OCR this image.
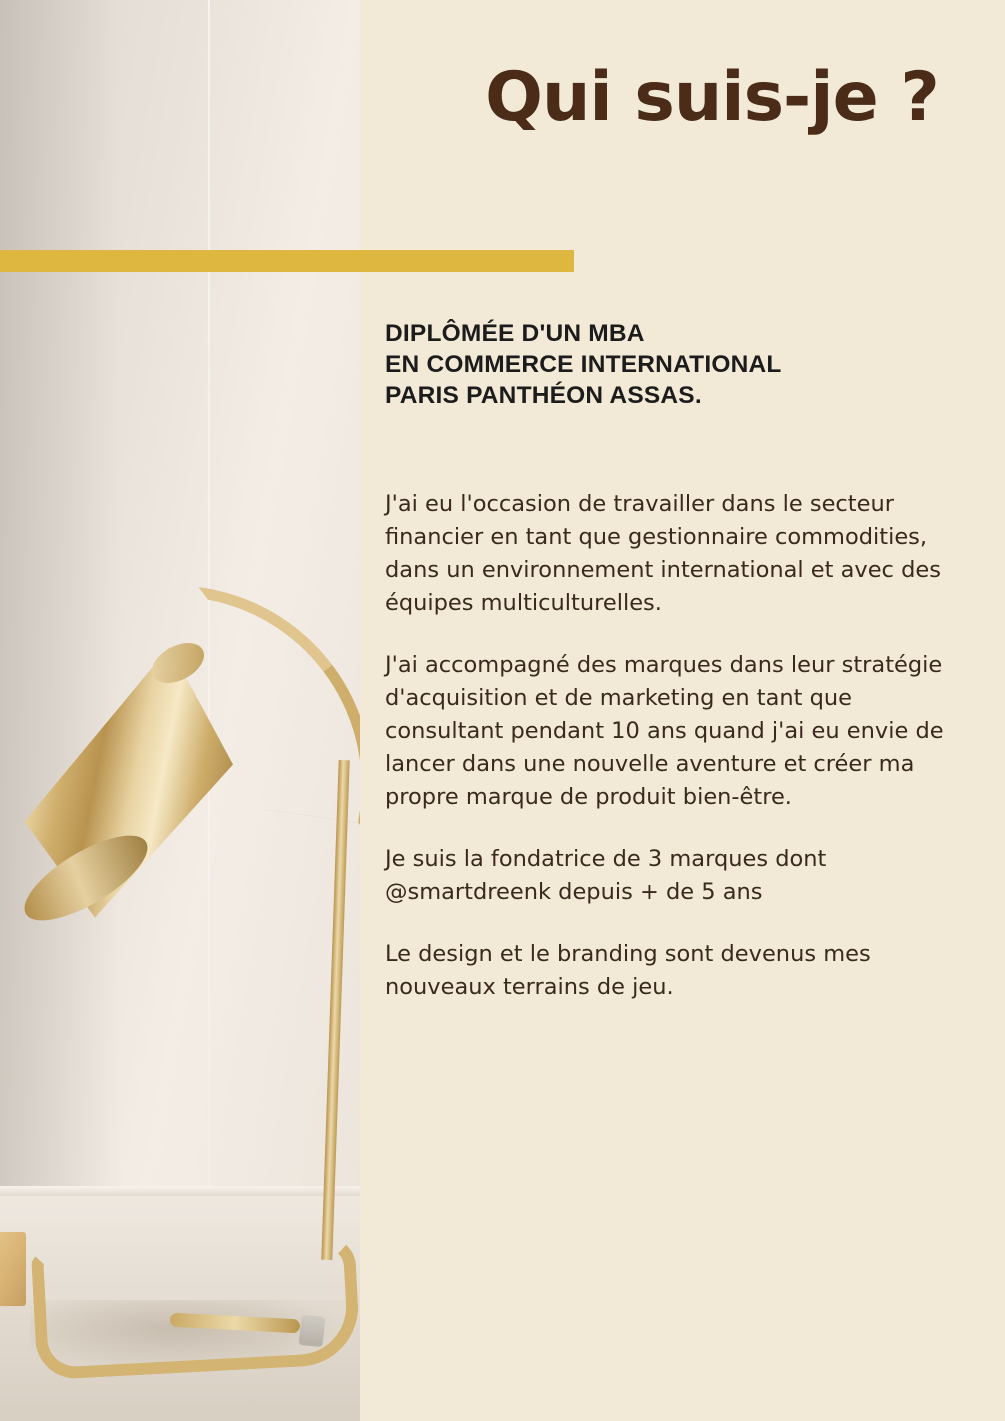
Qui suis-je ?
DIPLÔMÉE D'UN MBA
EN COMMERCE INTERNATIONAL
PARIS PANTHÉON ASSAS.

J'ai eu l'occasion de travailler dans le secteur financier en tant que gestionnaire commodities, dans un environnement international et avec des équipes multiculturelles.

J'ai accompagné des marques dans leur stratégie d'acquisition et de marketing en tant que consultant pendant 10 ans quand j'ai eu envie de lancer dans une nouvelle aventure et créer ma propre marque de produit bien-être.

Je suis la fondatrice de 3 marques dont @smartdreenk depuis + de 5 ans

Le design et le branding sont devenus mes nouveaux terrains de jeu.
